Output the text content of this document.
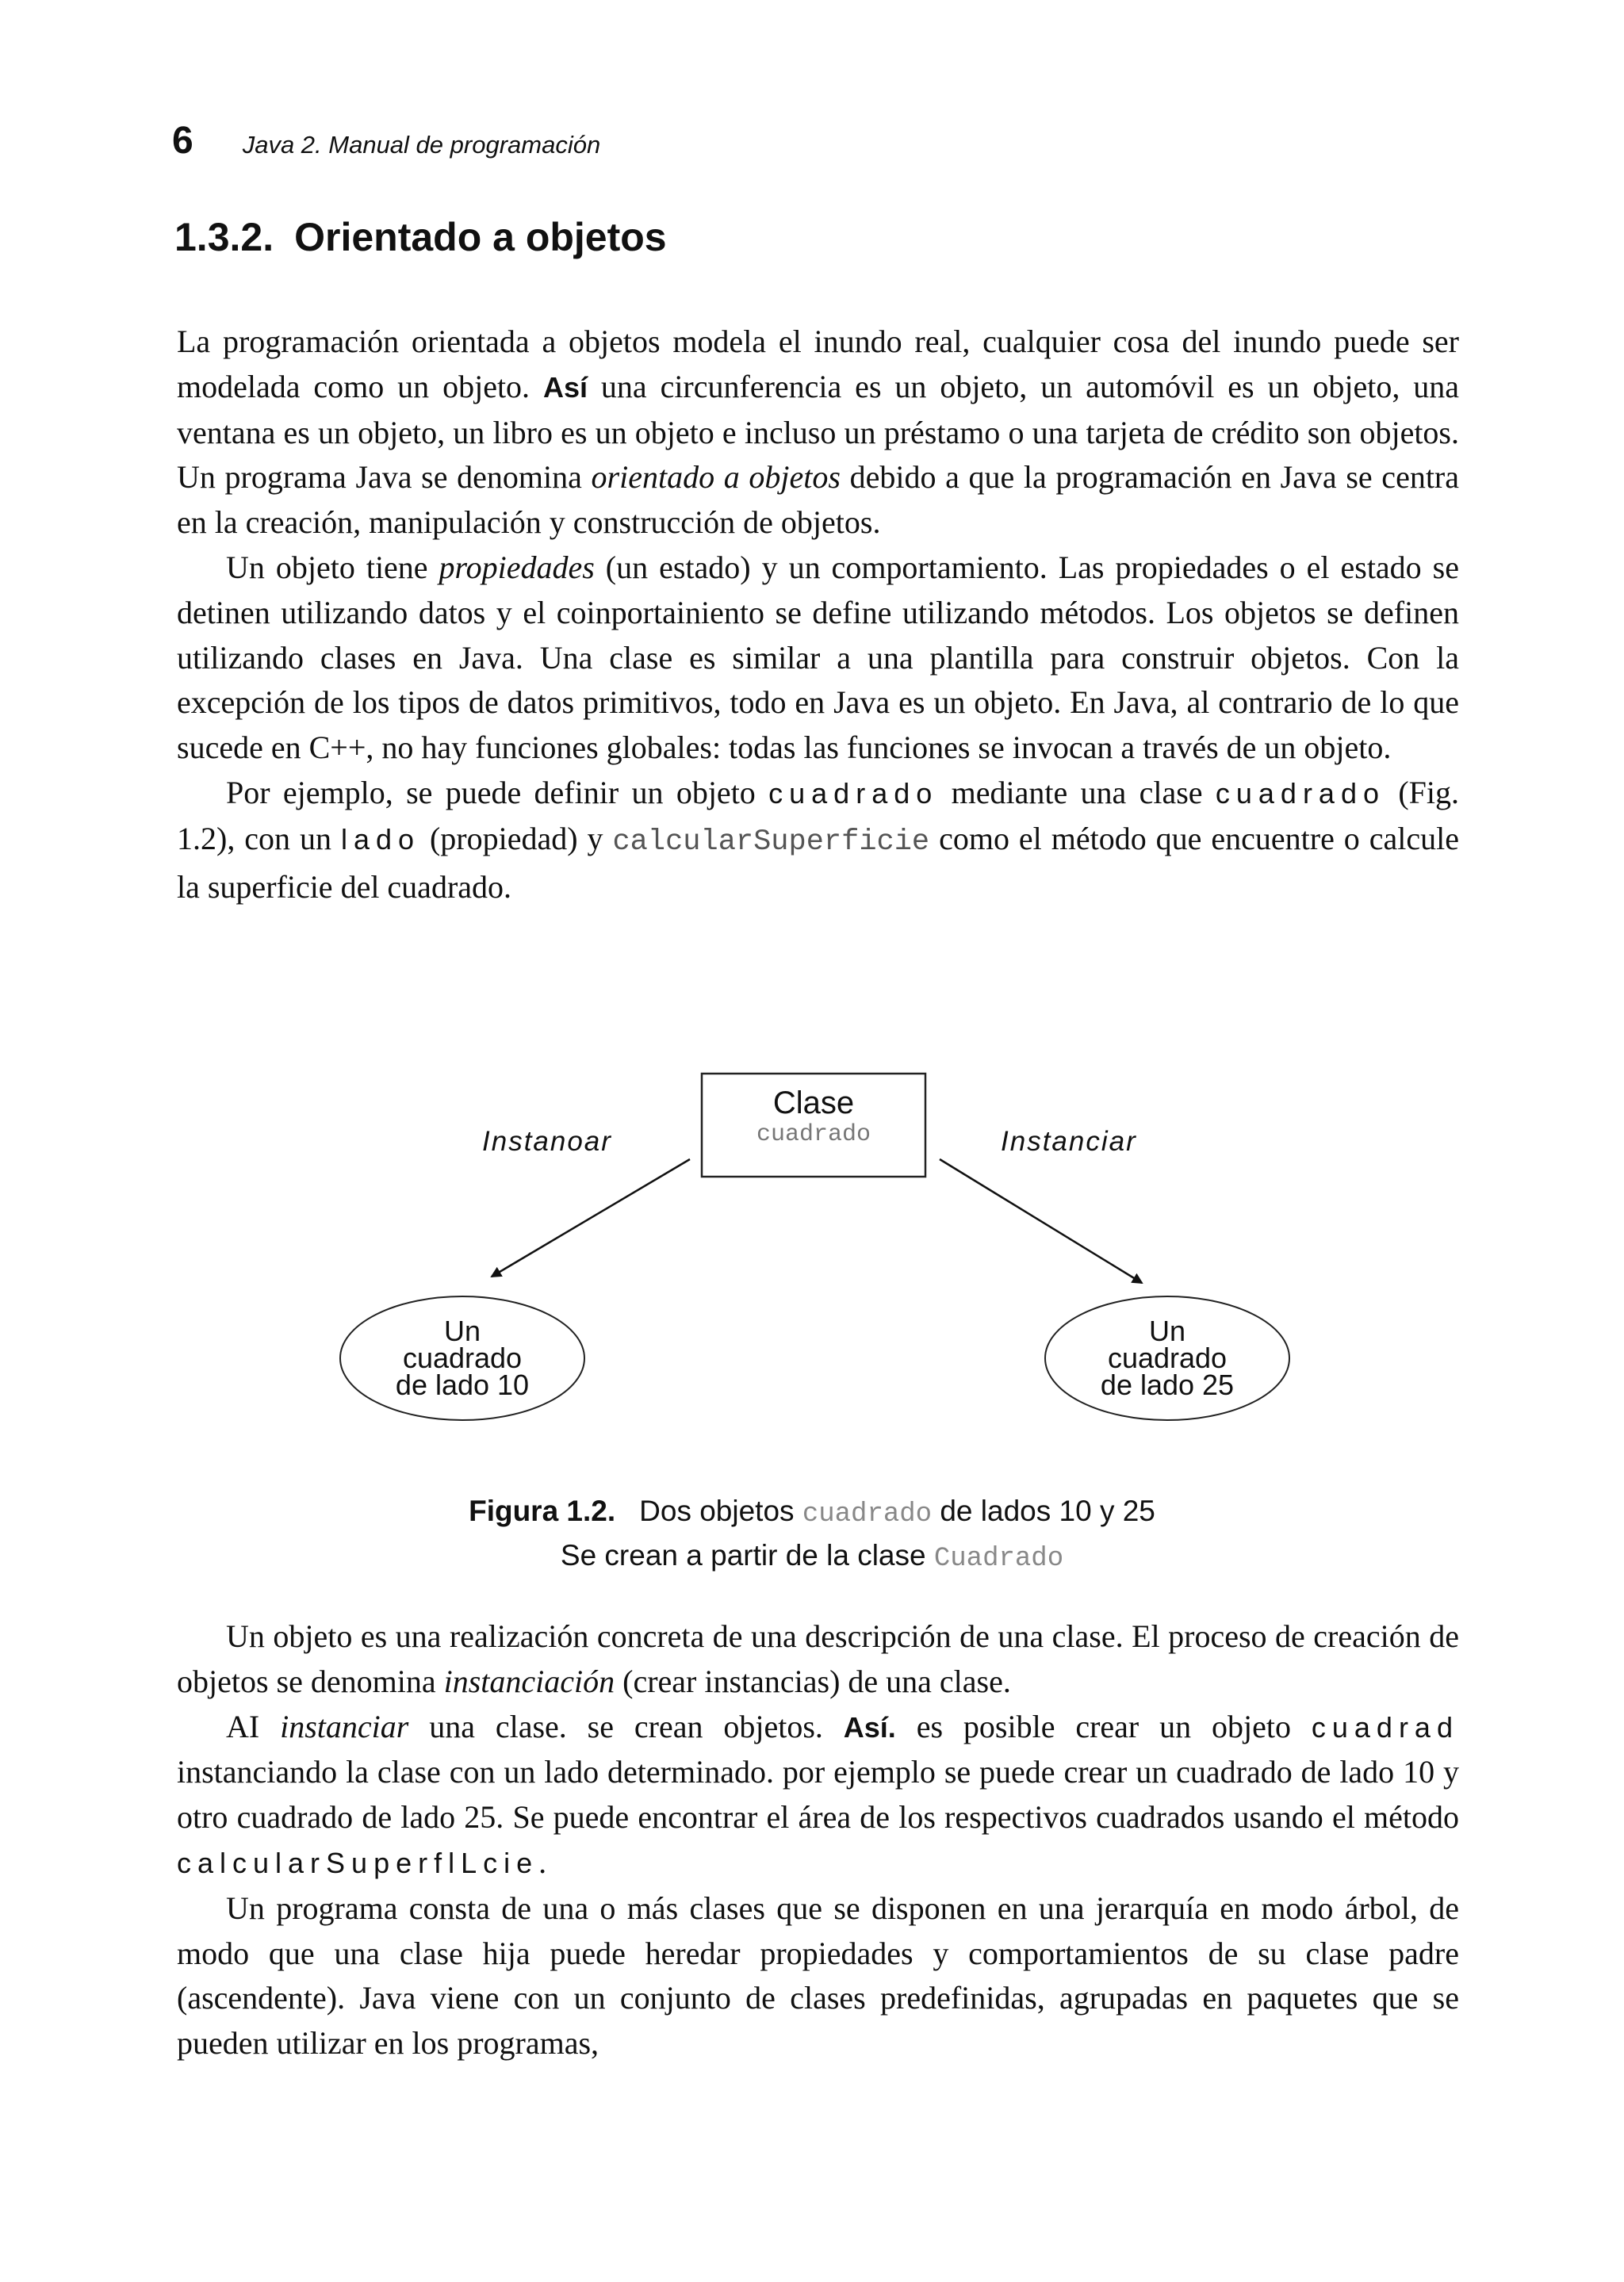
6 Java 2. Manual de programación
1.3.2. Orientado a objetos

La programación orientada a objetos modela el inundo real, cualquier cosa del inundo puede ser modelada como un objeto. Así una circunferencia es un objeto, un automóvil es un objeto, una ventana es un objeto, un libro es un objeto e incluso un préstamo o una tarjeta de crédito son objetos. Un programa Java se denomina orientado a objetos debido a que la programación en Java se centra en la creación, manipulación y construcción de objetos.

Un objeto tiene propiedades (un estado) y un comportamiento. Las propiedades o el estado se detinen utilizando datos y el coinportainiento se define utilizando métodos. Los objetos se definen utilizando clases en Java. Una clase es similar a una plantilla para construir objetos. Con la excepción de los tipos de datos primitivos, todo en Java es un objeto. En Java, al contrario de lo que sucede en C++, no hay funciones globales: todas las funciones se invocan a través de un objeto.

Por ejemplo, se puede definir un objeto cuadrado mediante una clase cuadrado (Fig. 1.2), con un lado (propiedad) y calcularSuperficie como el método que encuentre o calcule la superficie del cuadrado.

Clase
cuadrado
Instanoar	Instanciar
Un
cuadrado
de lado 10
Un
cuadrado
de lado 25
Figura 1.2. Dos objetos cuadrado de lados 10 y 25
Se crean a partir de la clase Cuadrado

Un objeto es una realización concreta de una descripción de una clase. El proceso de creación de objetos se denomina instanciación (crear instancias) de una clase.

AI instanciar una clase. se crean objetos. Así. es posible crear un objeto cuadrad instanciando la clase con un lado determinado. por ejemplo se puede crear un cuadrado de lado 10 y otro cuadrado de lado 25. Se puede encontrar el área de los respectivos cuadrados usando el método calcularSuperflLcie.

Un programa consta de una o más clases que se disponen en una jerarquía en modo árbol, de modo que una clase hija puede heredar propiedades y comportamientos de su clase padre (ascendente). Java viene con un conjunto de clases predefinidas, agrupadas en paquetes que se pueden utilizar en los programas,
